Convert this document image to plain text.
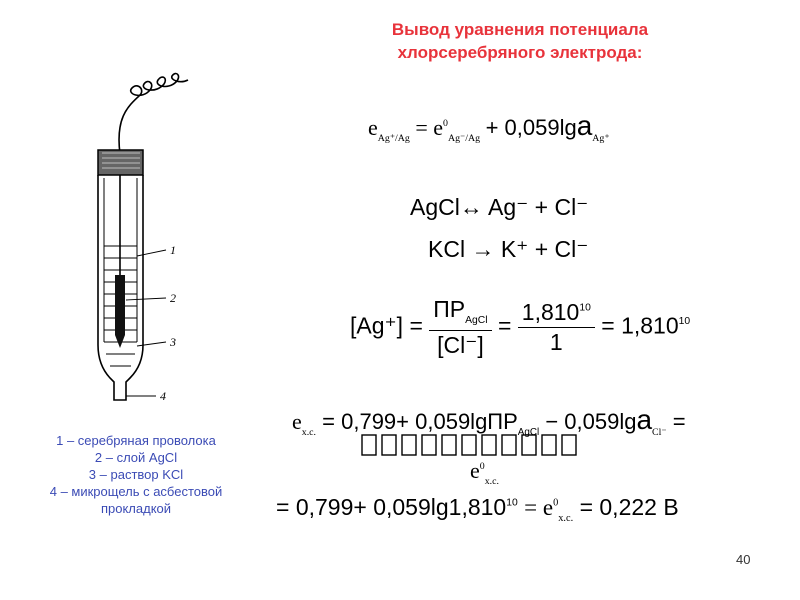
Вывод уравнения потенциала
хлорсеребряного электрода:
1
2
3
4
1 – серебряная проволока
2 – слой AgCl
3 – раствор KCl
4 – микрощель с асбестовой
прокладкой
$e_{Ag^+/Ag} = e^0_{Ag^-/Ag} + 0,059\lg a_{Ag^+}$
AgCl↔ Ag⁻ + Cl⁻
KCl → K⁺ + Cl⁻
$[Ag^+] = \frac{ПР_{AgCl}}{[Cl^-]} = \frac{1,810^{10}}{1} = 1,810^{10}$
$e_{х.с.} = 0,799+ 0,059\lg ПР_{AgCl} - 0,059\lg a_{Cl^-}$ =
$e^0_{х.с.}$
= $0,799+ 0,059\lg 1,810^{10} = e^0_{х.с.} = 0,222$ В
40
